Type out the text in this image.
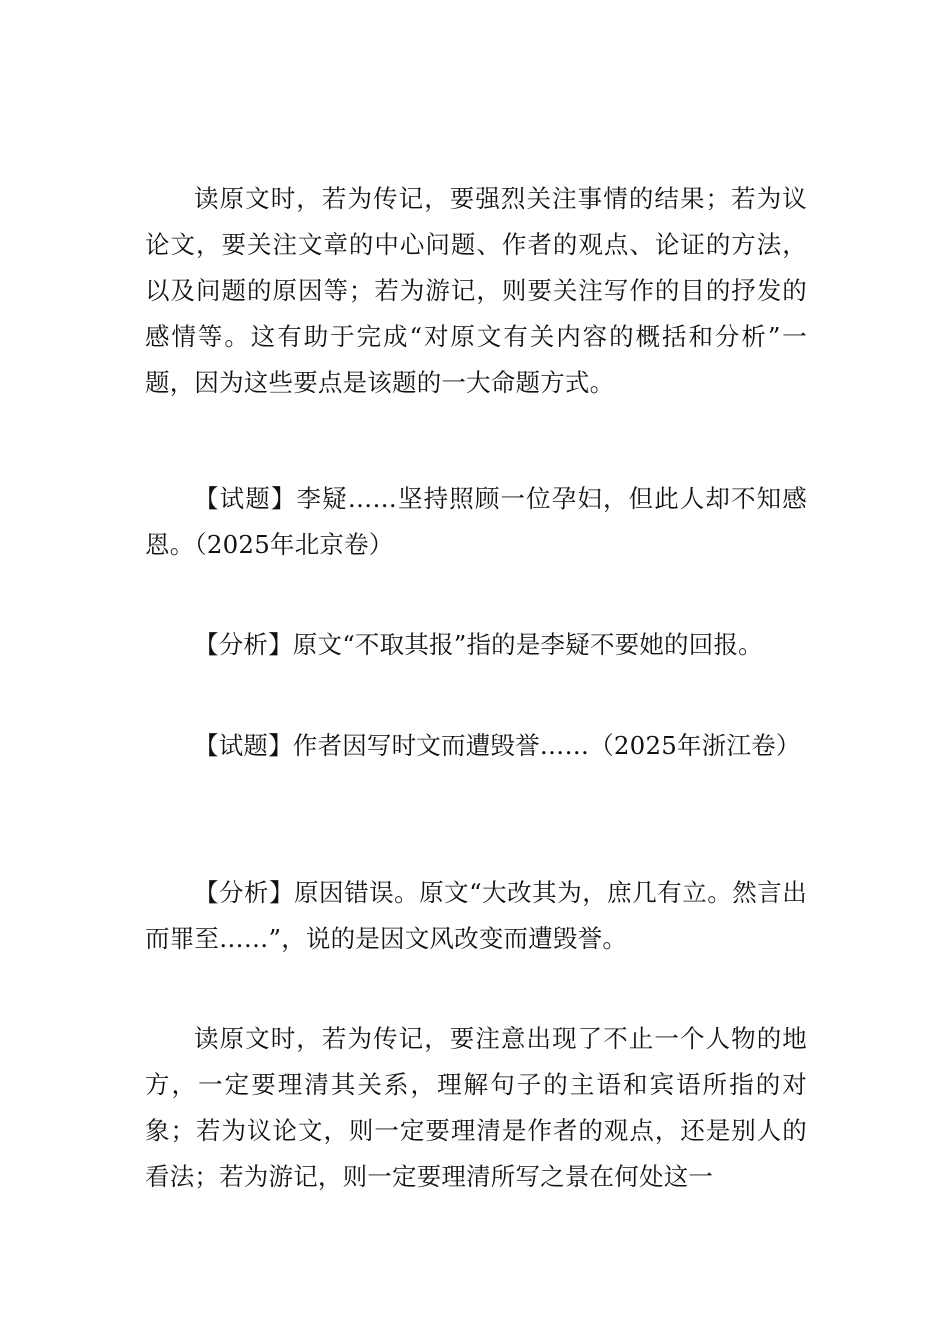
读原文时，若为传记，要强烈关注事情的结果；若为议论文，要关注文章的中心问题、作者的观点、论证的方法，以及问题的原因等；若为游记，则要关注写作的目的抒发的感情等。这有助于完成“对原文有关内容的概括和分析”一题，因为这些要点是该题的一大命题方式。

【试题】李疑……坚持照顾一位孕妇，但此人却不知感恩。（2025年北京卷）

【分析】原文“不取其报”指的是李疑不要她的回报。

【试题】作者因写时文而遭毁誉……（2025年浙江卷）

【分析】原因错误。原文“大改其为，庶几有立。然言出而罪至……”，说的是因文风改变而遭毁誉。

读原文时，若为传记，要注意出现了不止一个人物的地方，一定要理清其关系，理解句子的主语和宾语所指的对象；若为议论文，则一定要理清是作者的观点，还是别人的看法；若为游记，则一定要理清所写之景在何处这一
